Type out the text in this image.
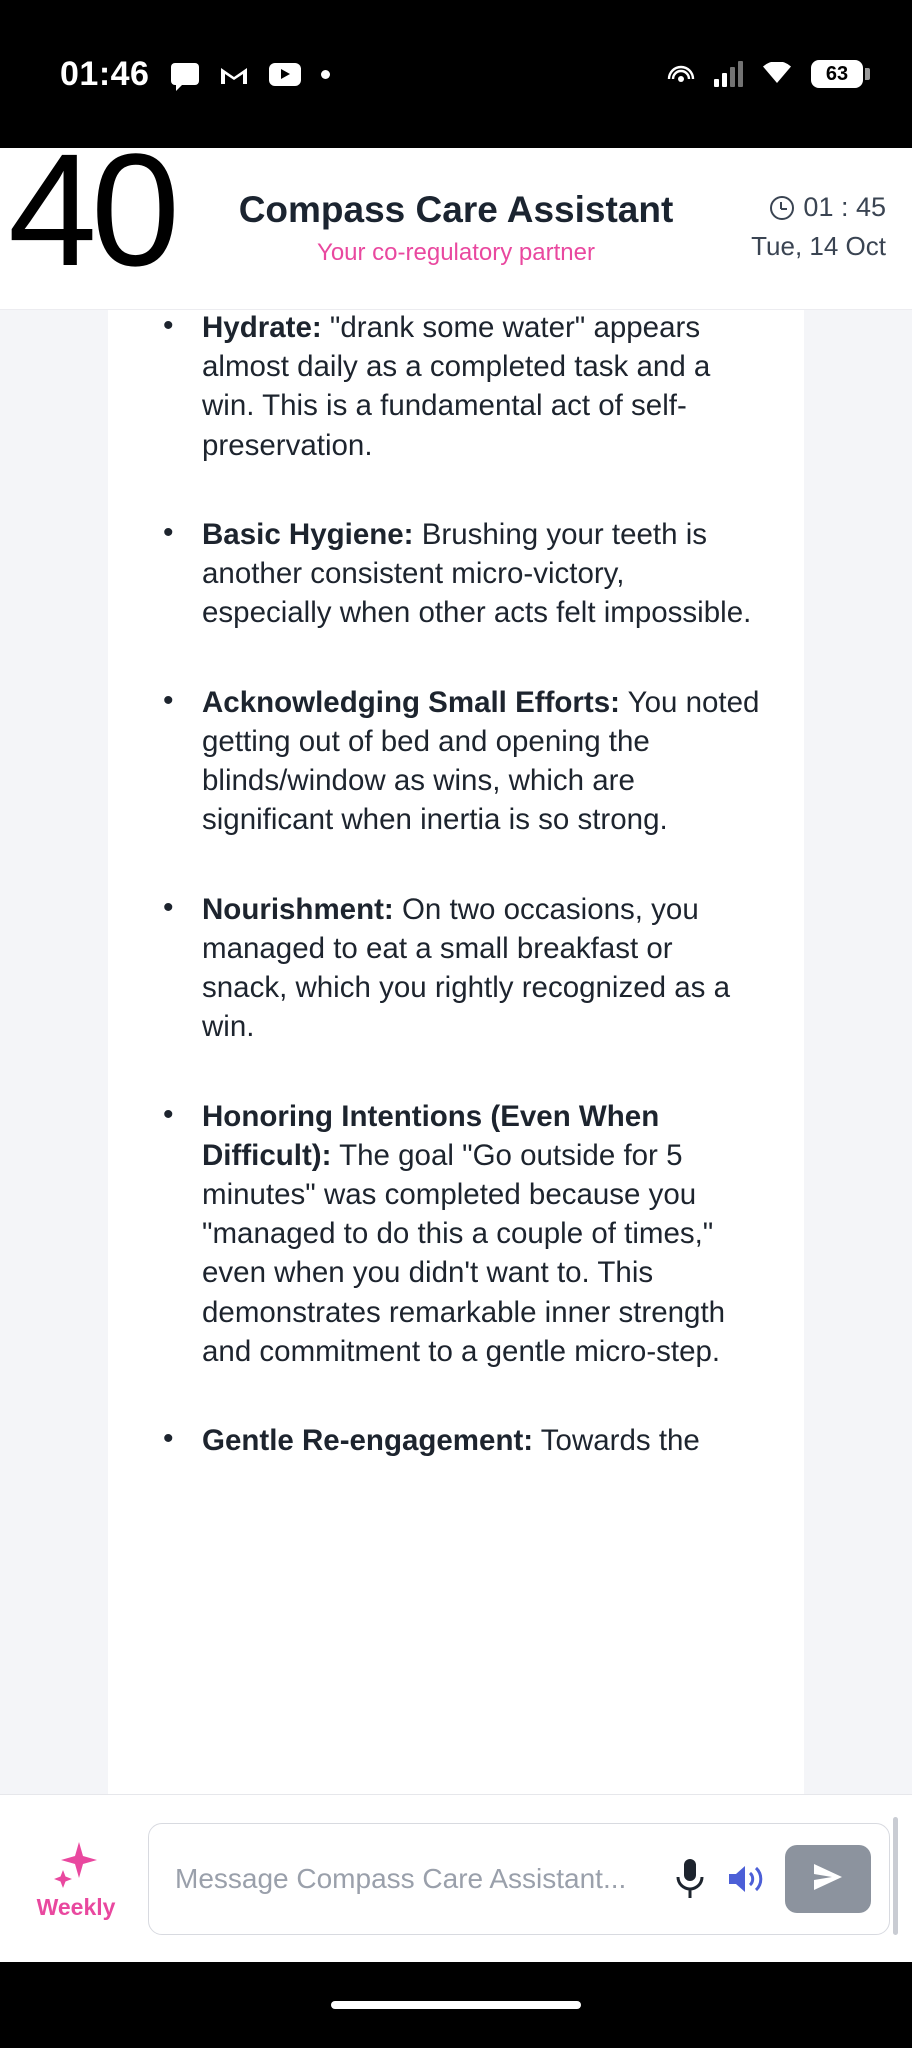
01:46	63
40 Compass Care Assistant
Your co-regulatory partner
01 : 45
Tue, 14 Oct
• Hydrate: "drank some water" appears almost daily as a completed task and a win. This is a fundamental act of self-preservation.
• Basic Hygiene: Brushing your teeth is another consistent micro-victory, especially when other acts felt impossible.
• Acknowledging Small Efforts: You noted getting out of bed and opening the blinds/window as wins, which are significant when inertia is so strong.
• Nourishment: On two occasions, you managed to eat a small breakfast or snack, which you rightly recognized as a win.
• Honoring Intentions (Even When Difficult): The goal "Go outside for 5 minutes" was completed because you "managed to do this a couple of times," even when you didn't want to. This demonstrates remarkable inner strength and commitment to a gentle micro-step.
• Gentle Re-engagement: Towards the
Weekly
Message Compass Care Assistant...
